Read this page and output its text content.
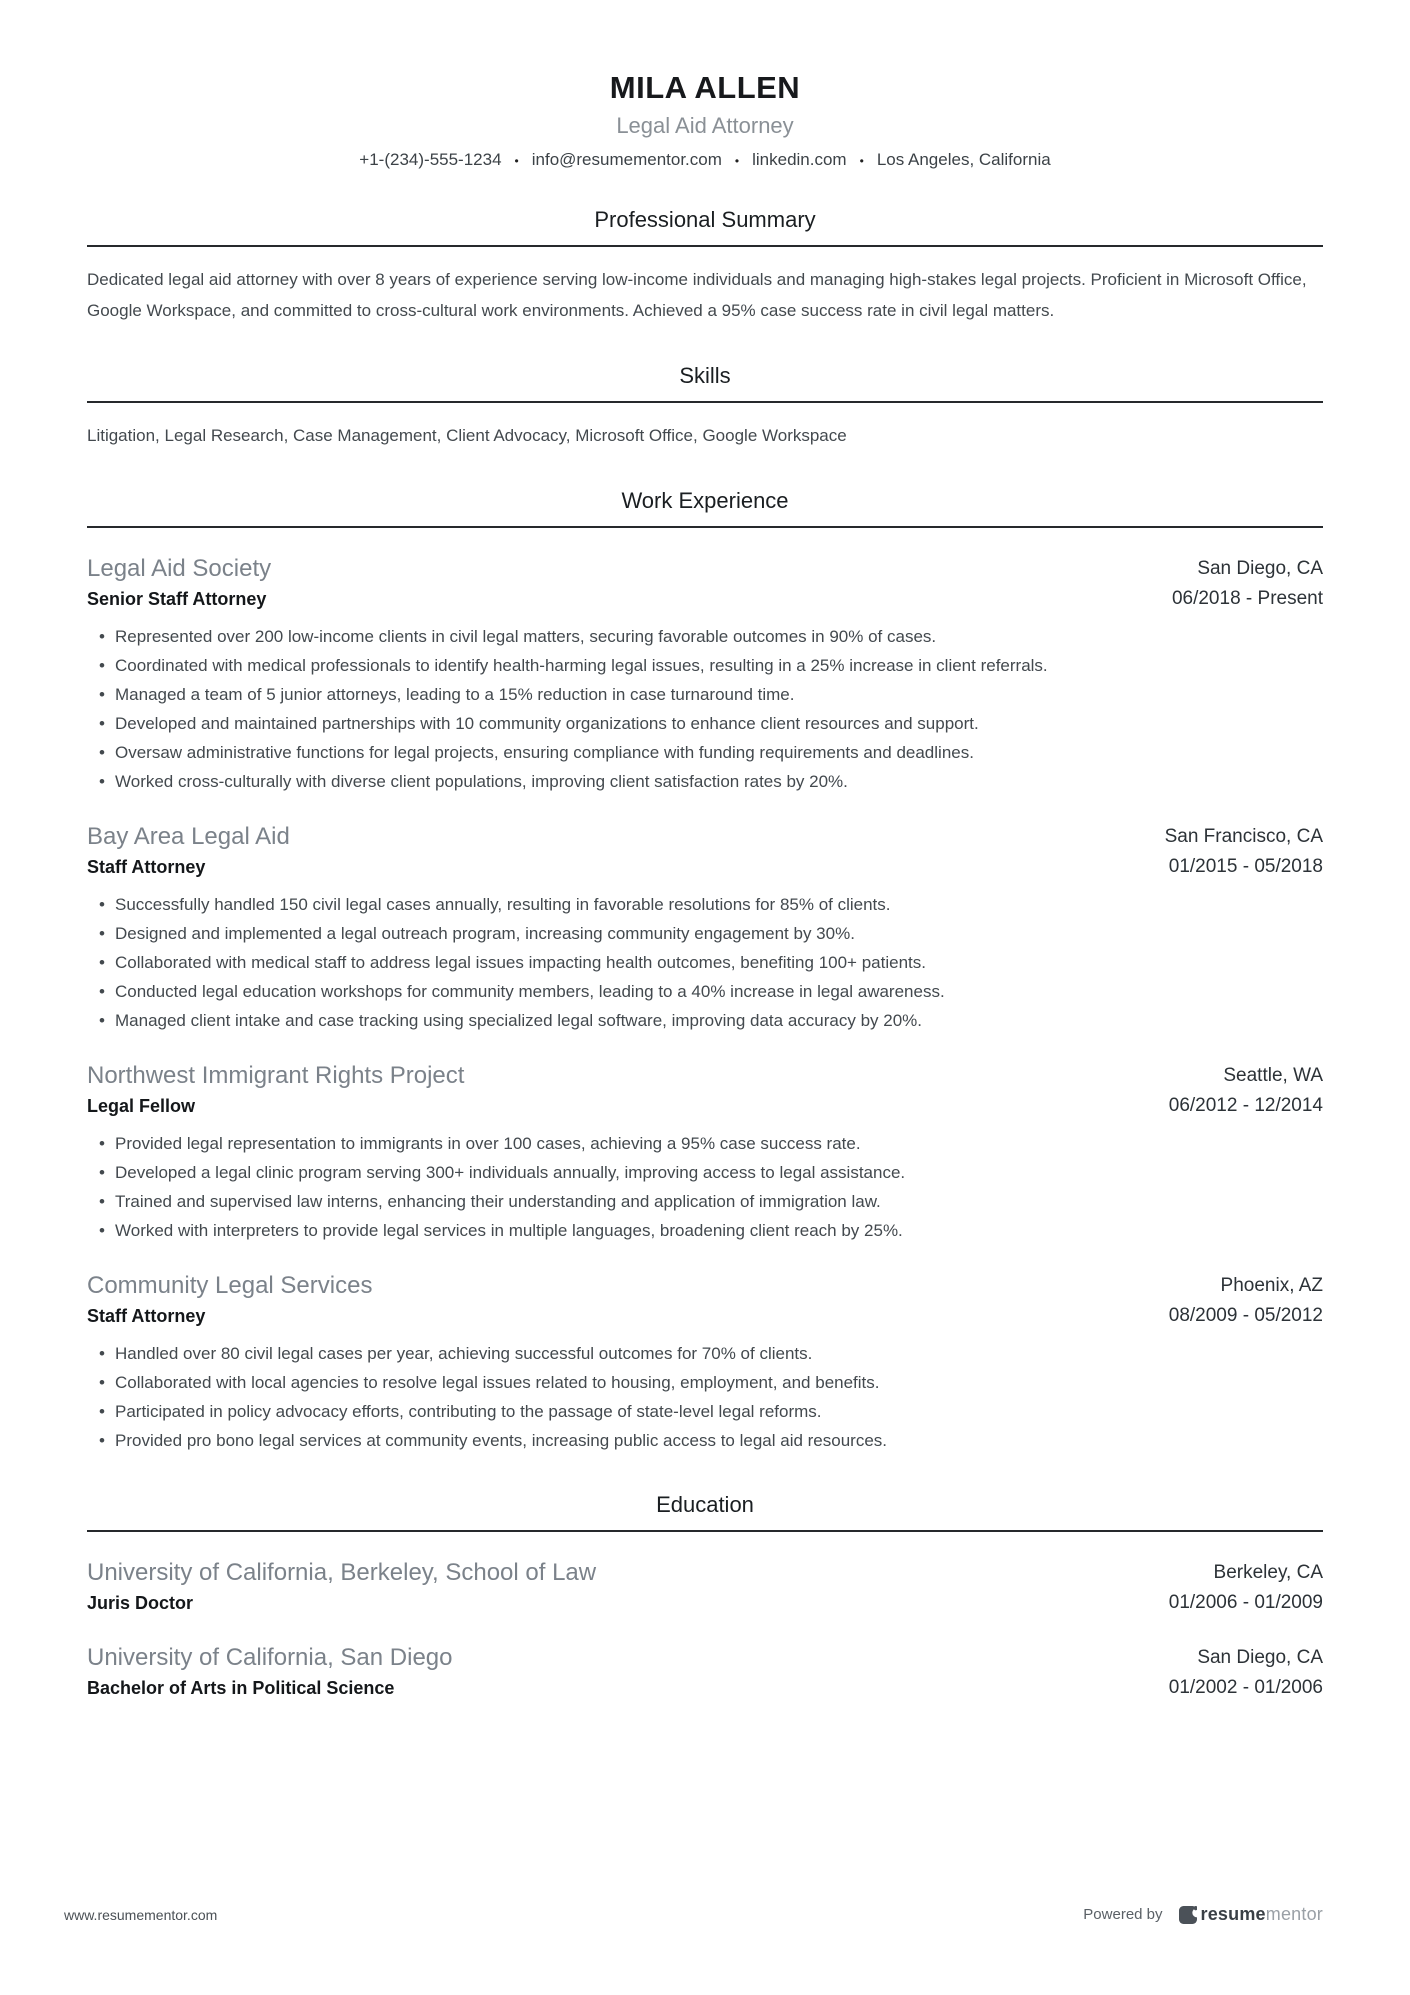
MILA ALLEN
Legal Aid Attorney
+1-(234)-555-1234 • info@resumementor.com • linkedin.com • Los Angeles, California
Professional Summary

Dedicated legal aid attorney with over 8 years of experience serving low-income individuals and managing high-stakes legal projects. Proficient in Microsoft Office, Google Workspace, and committed to cross-cultural work environments. Achieved a 95% case success rate in civil legal matters.

Skills

Litigation, Legal Research, Case Management, Client Advocacy, Microsoft Office, Google Workspace

Work Experience
Legal Aid Society
Senior Staff Attorney
San Diego, CA
06/2018 - Present
• Represented over 200 low-income clients in civil legal matters, securing favorable outcomes in 90% of cases.
• Coordinated with medical professionals to identify health-harming legal issues, resulting in a 25% increase in client referrals.
• Managed a team of 5 junior attorneys, leading to a 15% reduction in case turnaround time.
• Developed and maintained partnerships with 10 community organizations to enhance client resources and support.
• Oversaw administrative functions for legal projects, ensuring compliance with funding requirements and deadlines.
• Worked cross-culturally with diverse client populations, improving client satisfaction rates by 20%.
Bay Area Legal Aid
Staff Attorney
San Francisco, CA
01/2015 - 05/2018
• Successfully handled 150 civil legal cases annually, resulting in favorable resolutions for 85% of clients.
• Designed and implemented a legal outreach program, increasing community engagement by 30%.
• Collaborated with medical staff to address legal issues impacting health outcomes, benefiting 100+ patients.
• Conducted legal education workshops for community members, leading to a 40% increase in legal awareness.
• Managed client intake and case tracking using specialized legal software, improving data accuracy by 20%.
Northwest Immigrant Rights Project
Legal Fellow
Seattle, WA
06/2012 - 12/2014
• Provided legal representation to immigrants in over 100 cases, achieving a 95% case success rate.
• Developed a legal clinic program serving 300+ individuals annually, improving access to legal assistance.
• Trained and supervised law interns, enhancing their understanding and application of immigration law.
• Worked with interpreters to provide legal services in multiple languages, broadening client reach by 25%.
Community Legal Services
Staff Attorney
Phoenix, AZ
08/2009 - 05/2012
• Handled over 80 civil legal cases per year, achieving successful outcomes for 70% of clients.
• Collaborated with local agencies to resolve legal issues related to housing, employment, and benefits.
• Participated in policy advocacy efforts, contributing to the passage of state-level legal reforms.
• Provided pro bono legal services at community events, increasing public access to legal aid resources.
Education
University of California, Berkeley, School of Law
Juris Doctor
Berkeley, CA
01/2006 - 01/2009
University of California, San Diego
Bachelor of Arts in Political Science
San Diego, CA
01/2002 - 01/2006
www.resumementor.com	Powered by resumementor
